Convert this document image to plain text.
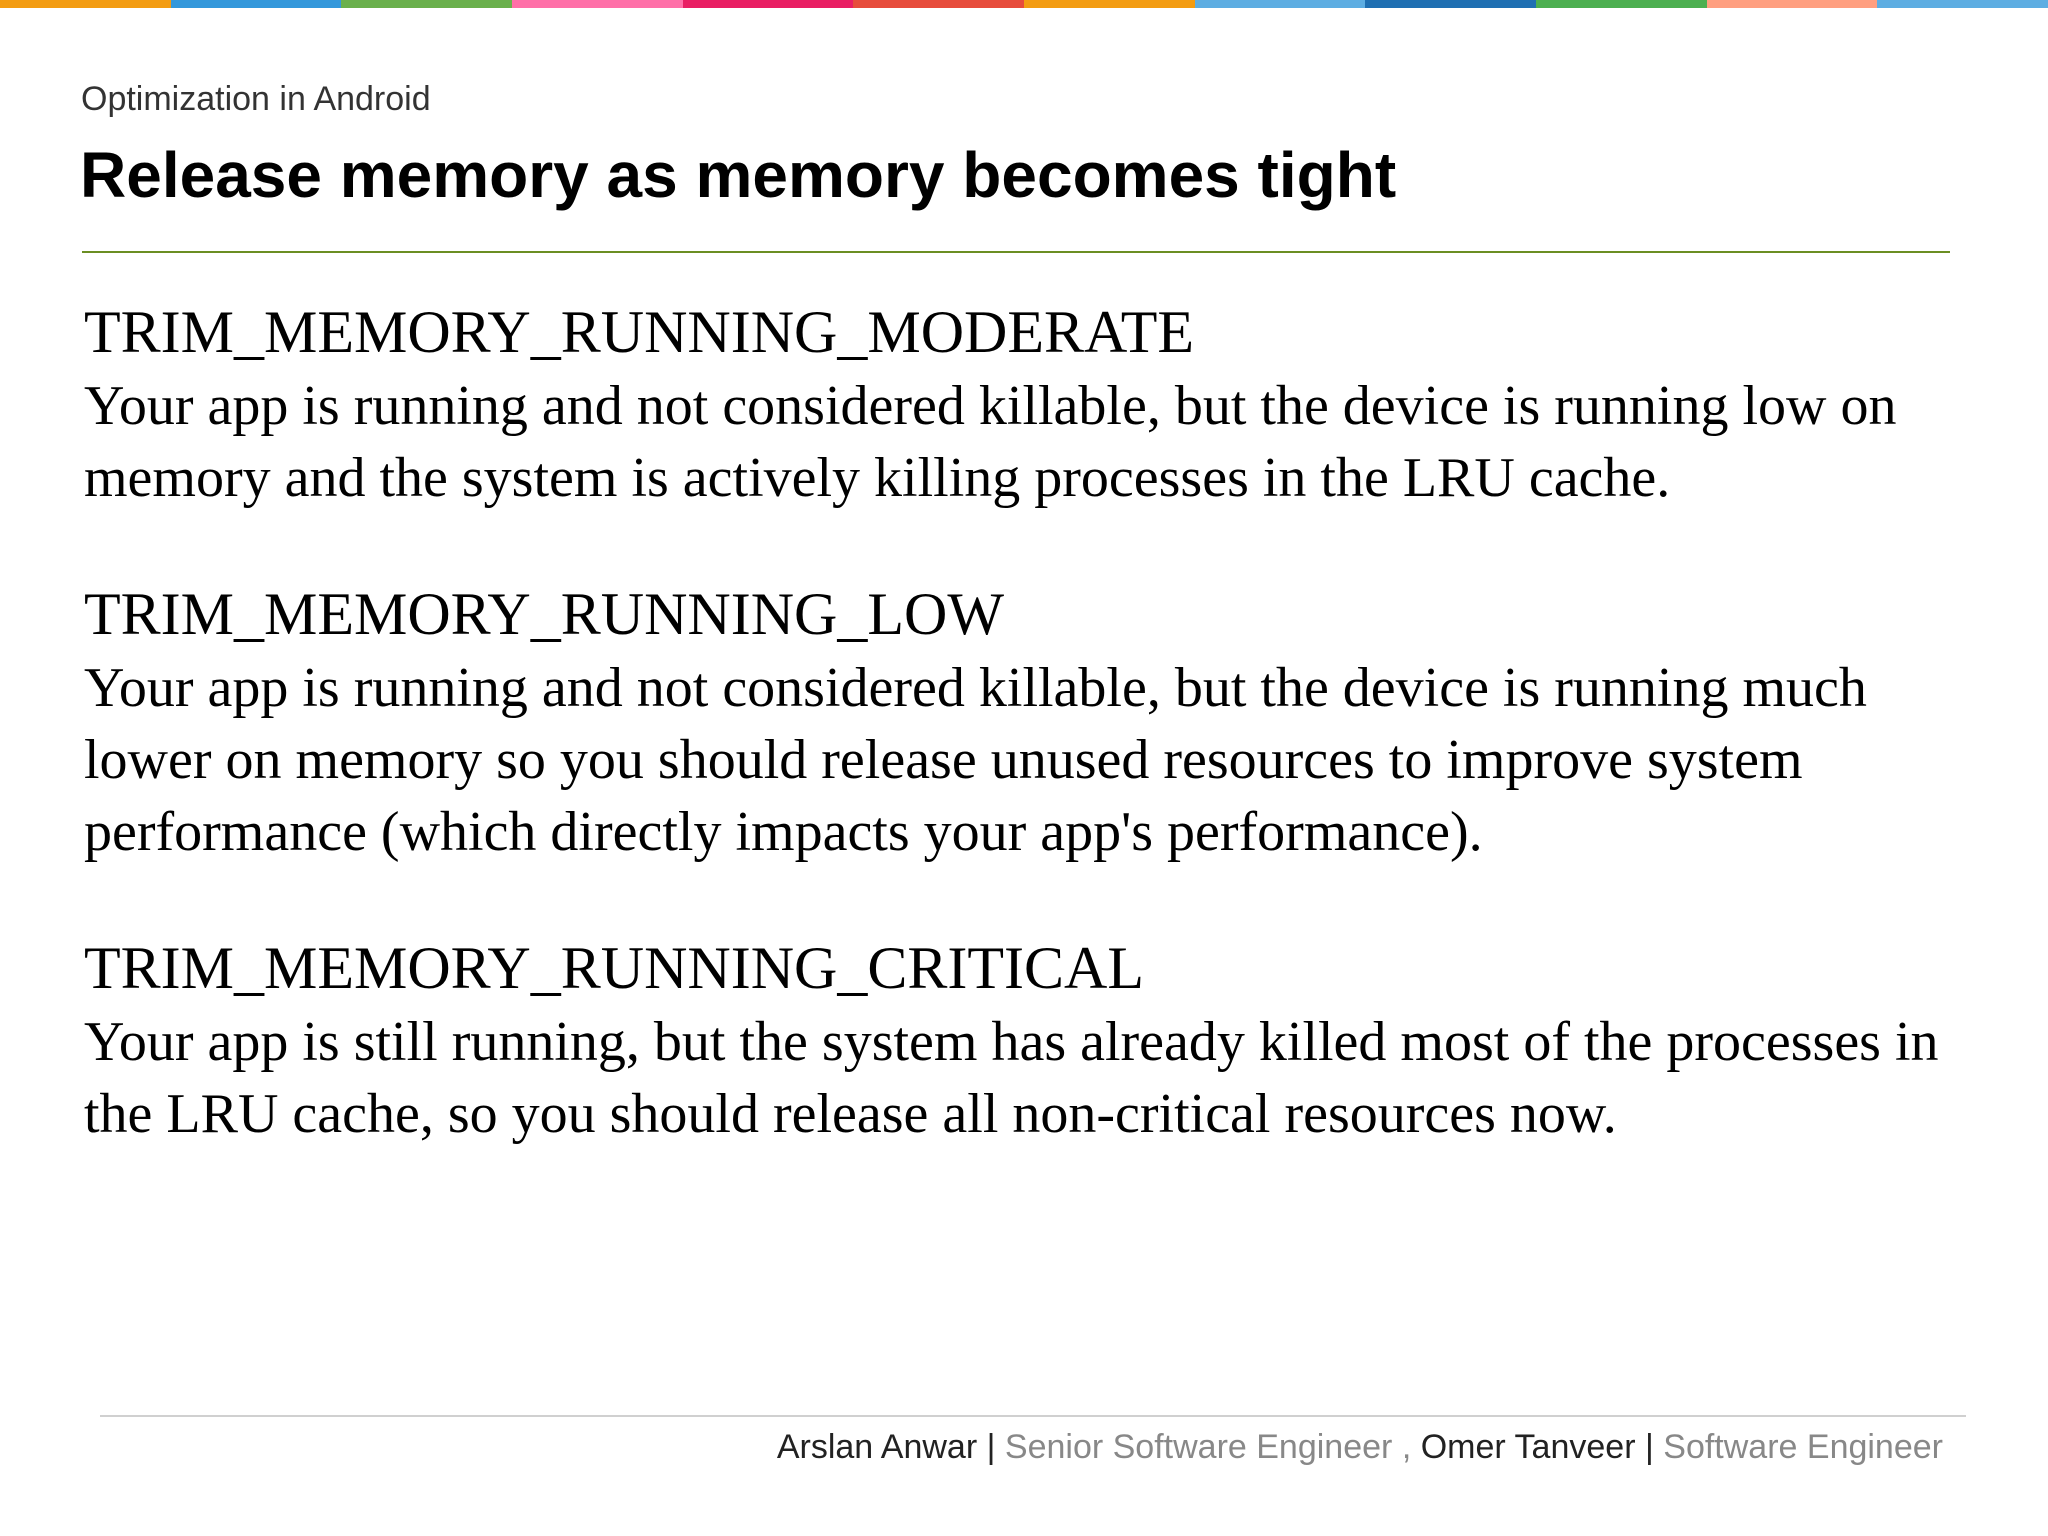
Optimization in Android
Release memory as memory becomes tight
TRIM_MEMORY_RUNNING_MODERATE
Your app is running and not considered killable, but the device is running low on memory and the system is actively killing processes in the LRU cache.
TRIM_MEMORY_RUNNING_LOW
Your app is running and not considered killable, but the device is running much lower on memory so you should release unused resources to improve system performance (which directly impacts your app's performance).
TRIM_MEMORY_RUNNING_CRITICAL
Your app is still running, but the system has already killed most of the processes in the LRU cache, so you should release all non-critical resources now.
Arslan Anwar | Senior Software Engineer , Omer Tanveer | Software Engineer
